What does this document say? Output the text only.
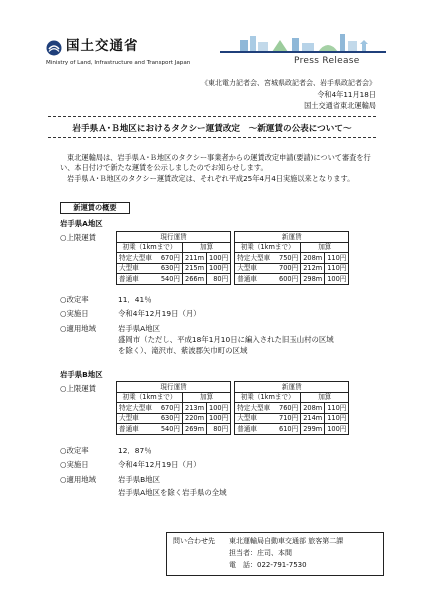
国土交通省
Ministry of Land, Infrastructure and Transport Japan	Press Release
《東北電力記者会、宮城県政記者会、岩手県政記者会》
令和4年11月18日
国土交通省東北運輸局
岩手県Ａ･Ｂ地区におけるタクシー運賃改定　～新運賃の公表について～
東北運輸局は、岩手県Ａ･Ｂ地区のタクシー事業者からの運賃改定申請(要請)について審査を行い、本日付けで新たな運賃を公示しましたのでお知らせします。
岩手県Ａ･Ｂ地区のタクシー運賃改定は、それぞれ平成25年4月4日実施以来となります。
新運賃の概要
岩手県A地区
○上限運賃	現行運賃				新運賃		
初乗（1kmまで）	加算			初乗（1kmまで）	加算	
特定大型車 670円	211m	100円		特定大型車 750円	208m	110円
大型車 630円	215m	100円		大型車 700円	212m	110円
普通車 540円	266m	80円		普通車 600円	298m	100円
○改定率	11．41％
○実施日	令和4年12月19日（月）
○適用地域	岩手県A地区
盛岡市（ただし、平成18年1月10日に編入された旧玉山村の区域
を除く）、滝沢市、紫波郡矢巾町の区域
岩手県B地区
○上限運賃	現行運賃				新運賃		
初乗（1kmまで）	加算			初乗（1kmまで）	加算	
特定大型車 670円	213m	100円		特定大型車 760円	208m	110円
大型車 630円	220m	100円		大型車 710円	214m	110円
普通車 540円	269m	80円		普通車 610円	299m	100円
○改定率	12．87％
○実施日	令和4年12月19日（月）
○適用地域	岩手県B地区
岩手県A地区を除く岩手県の全域
問い合わせ先 東北運輸局自動車交通部 旅客第二課
担当者：庄司、本間
電　話：022-791-7530
